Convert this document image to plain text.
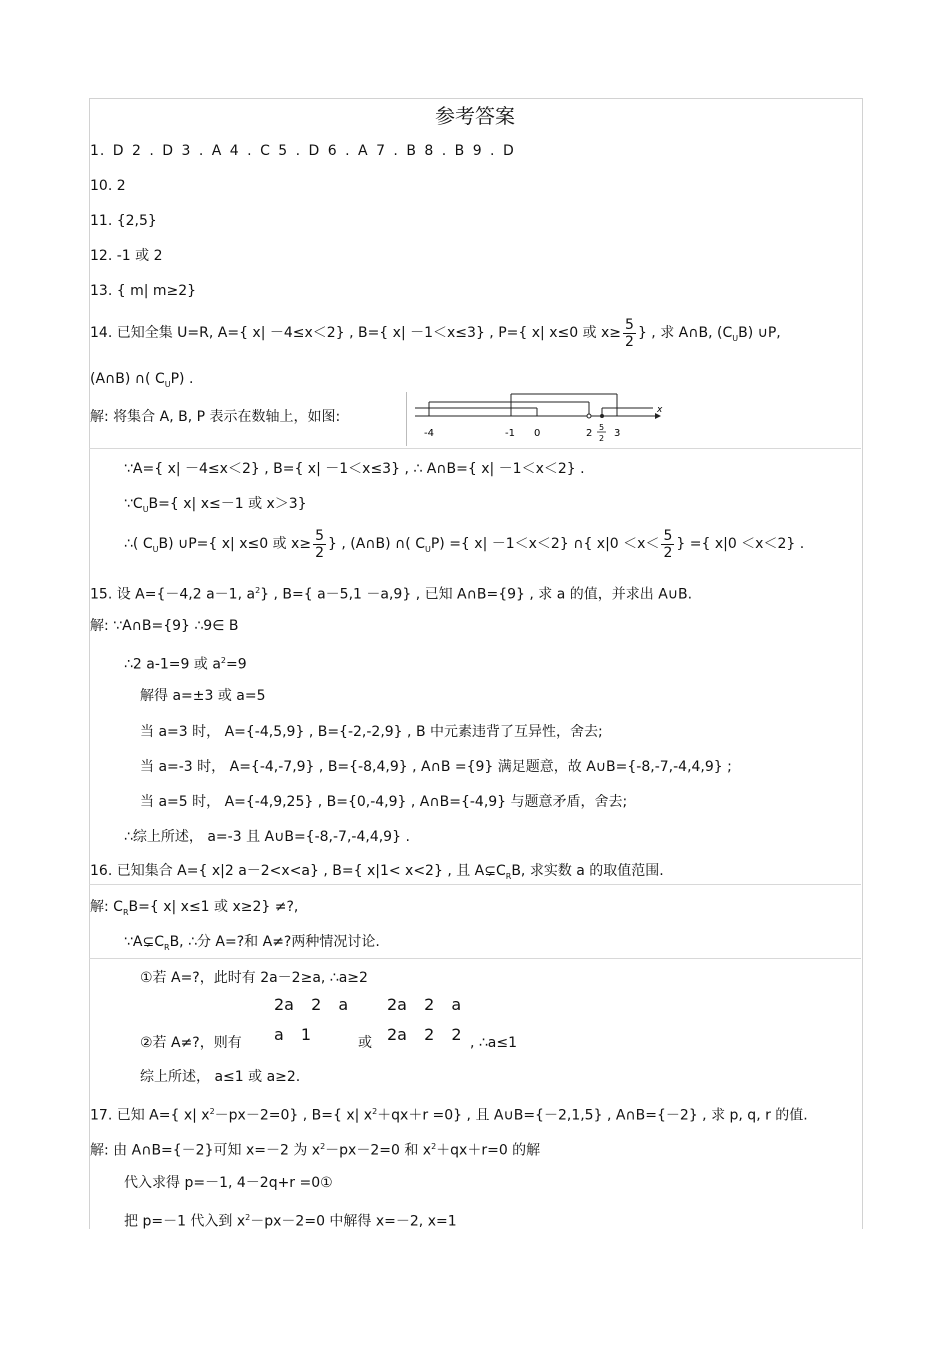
参考答案
1. D 2 . D 3 . A 4 . C 5 . D 6 . A 7 . B 8 . B 9 . D
10. 2
11. {2,5}
12. -1 或 2
13. { m| m≥2}
14. 已知全集 U=R, A={ x| －4≤x＜2} , B={ x| －1＜x≤3} , P={ x| x≤0 或 $x\ge \frac{5}{2}$ } , 求 A∩B, $(C_UB)$ ∪P,
(A∩B) ∩( $C_UP$) .
解: 将集合 A, B, P 表示在数轴上，如图:
-4	-1 0	2
5
2 3
x
∵A={ x| －4≤x＜2} , B={ x| －1＜x≤3} , ∴ A∩B={ x| －1＜x＜2} .
$\because C_UB=${ x| x≤－1 或 x＞3}
∴( $C_UB$) ∪P={ x| x≤0 或 $x\ge \frac{5}{2}$ } , (A∩B) ∩( $C_UP$) ={ x| －1＜x＜2} ∩{ $x|0 <x< \frac{5}{2}$ } ={ x|0 ＜x＜2} .
15. 设 A={－4,2 a－1, $a^2$} , B={ a－5,1 －a,9} , 已知 A∩B={9} , 求 a 的值，并求出 A∪B.
解: ∵A∩B={9} ∴9∈ B
∴2 a-1=9 或 $a^2=9$
解得 a=±3 或 a=5
当 a=3 时， A={-4,5,9} , B={-2,-2,9} , B 中元素违背了互异性，舍去;
当 a=-3 时， A={-4,-7,9} , B={-8,4,9} , A∩B ={9} 满足题意，故 A∪B={-8,-7,-4,4,9} ;
当 a=5 时， A={-4,9,25} , B={0,-4,9} , A∩B={-4,9} 与题意矛盾，舍去;
∴综上所述， a=-3 且 A∪B={-8,-7,-4,4,9} .
16. 已知集合 A={ x|2 a－2<x<a} , B={ x|1< x<2} , 且 $A⊊C_RB$, 求实数 a 的取值范围.
解: $C_RB=${ x| x≤1 或 x≥2} ≠?,
$\because A⊊C_RB$, ∴分 A=?和 A≠?两种情况讨论.
①若 A=?，此时有 2a－2≥a, ∴a≥2
2a 2 a
a 1
2a 2 a
2a 2 2
②若 A≠?，则有	或	, ∴a≤1
综上所述， a≤1 或 a≥2.
17. 已知 A={ x| $x^2-px-2=0$} , B={ x| $x^2+qx+r =0$} , 且 A∪B={－2,1,5} , A∩B={－2} , 求 p, q, r 的值.
解: 由 A∩B={－2}可知 x=－2 为 $x^2-px-2=0$ 和 $x^2+qx+r=0$ 的解
代入求得 p=－1, 4－2q+r =0①
把 p=－1 代入到 $x^2-px-2=0$ 中解得 x=－2, x=1
